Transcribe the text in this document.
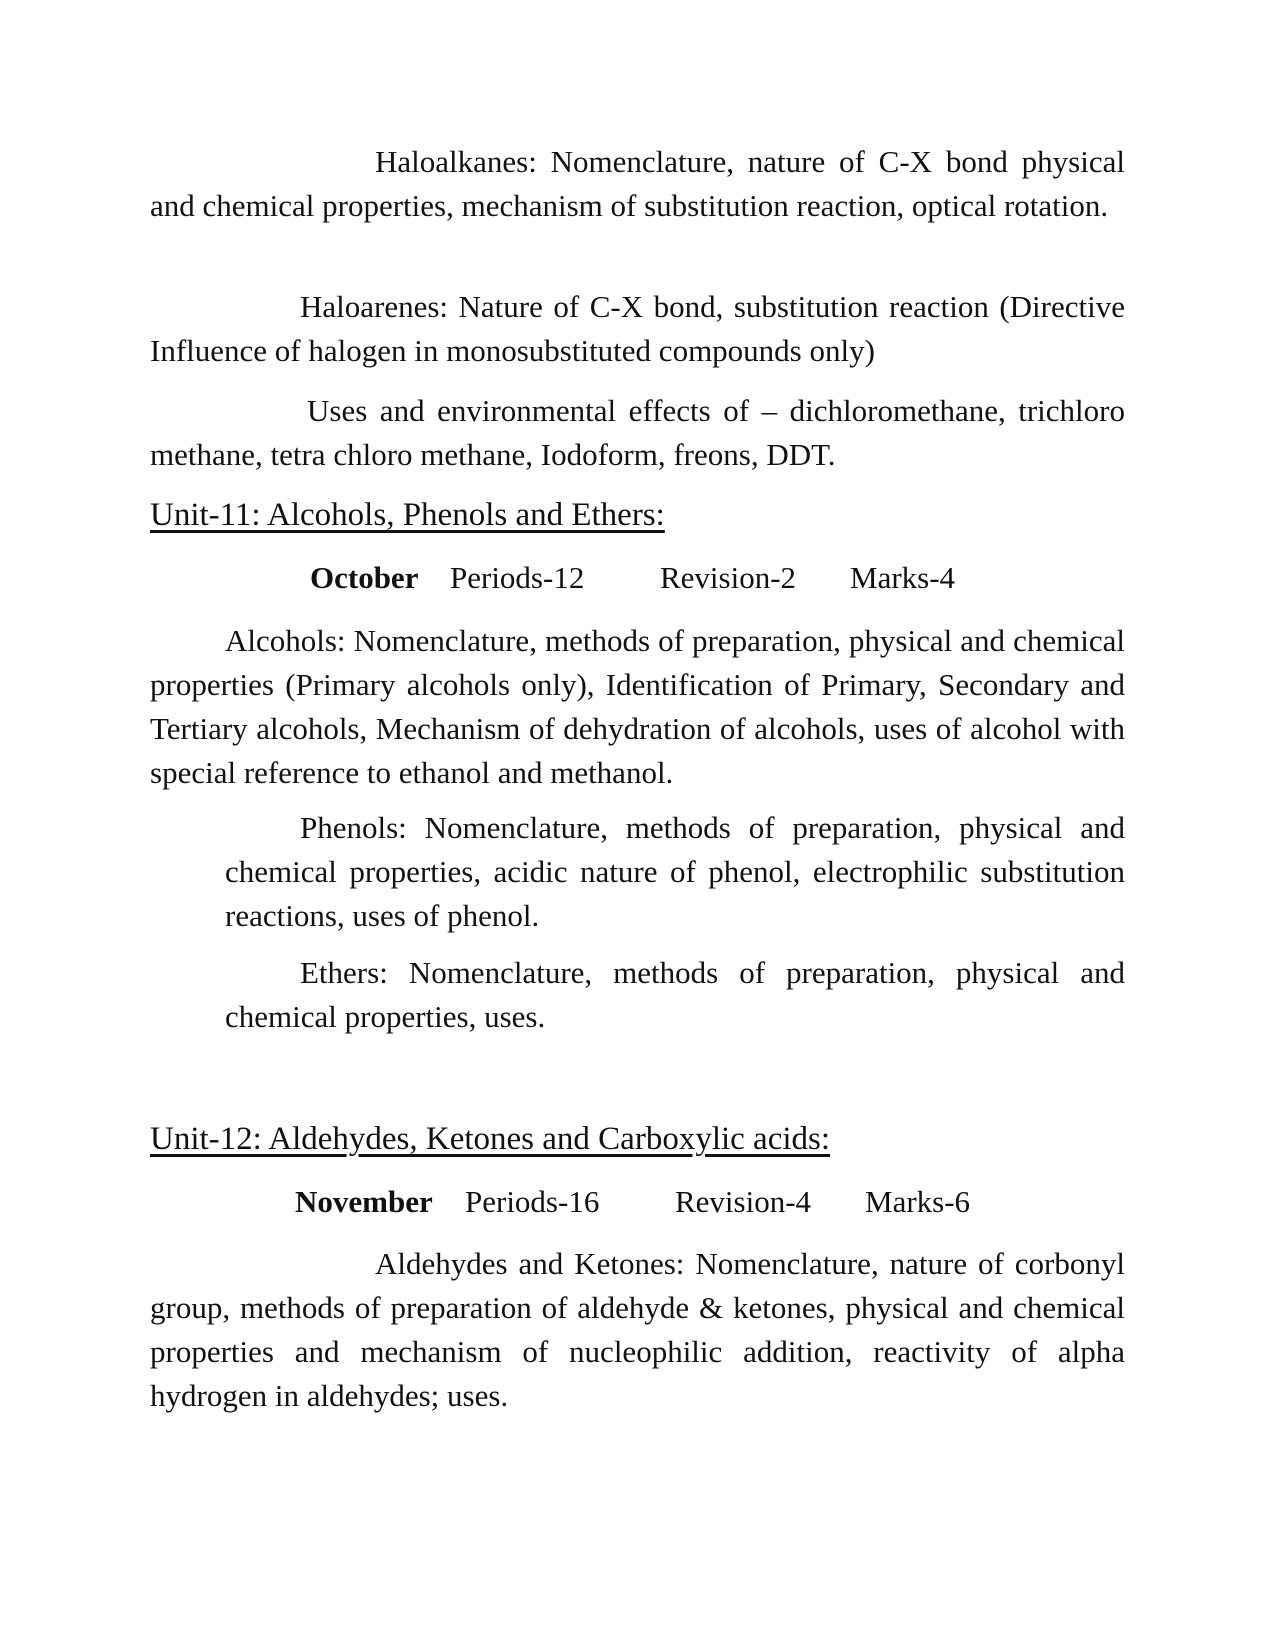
Haloalkanes: Nomenclature, nature of C-X bond physical and chemical properties, mechanism of substitution reaction, optical rotation.

Haloarenes: Nature of C-X bond, substitution reaction (Directive Influence of halogen in monosubstituted compounds only)

Uses and environmental effects of – dichloromethane, trichloro methane, tetra chloro methane, Iodoform, freons, DDT.

Unit-11: Alcohols, Phenols and Ethers:
October Periods-12 Revision-2 Marks-4

Alcohols: Nomenclature, methods of preparation, physical and chemical properties (Primary alcohols only), Identification of Primary, Secondary and Tertiary alcohols, Mechanism of dehydration of alcohols, uses of alcohol with special reference to ethanol and methanol.

Phenols: Nomenclature, methods of preparation, physical and chemical properties, acidic nature of phenol, electrophilic substitution reactions, uses of phenol.

Ethers: Nomenclature, methods of preparation, physical and chemical properties, uses.

Unit-12: Aldehydes, Ketones and Carboxylic acids:
November Periods-16 Revision-4 Marks-6

Aldehydes and Ketones: Nomenclature, nature of corbonyl group, methods of preparation of aldehyde & ketones, physical and chemical properties and mechanism of nucleophilic addition, reactivity of alpha hydrogen in aldehydes; uses.
